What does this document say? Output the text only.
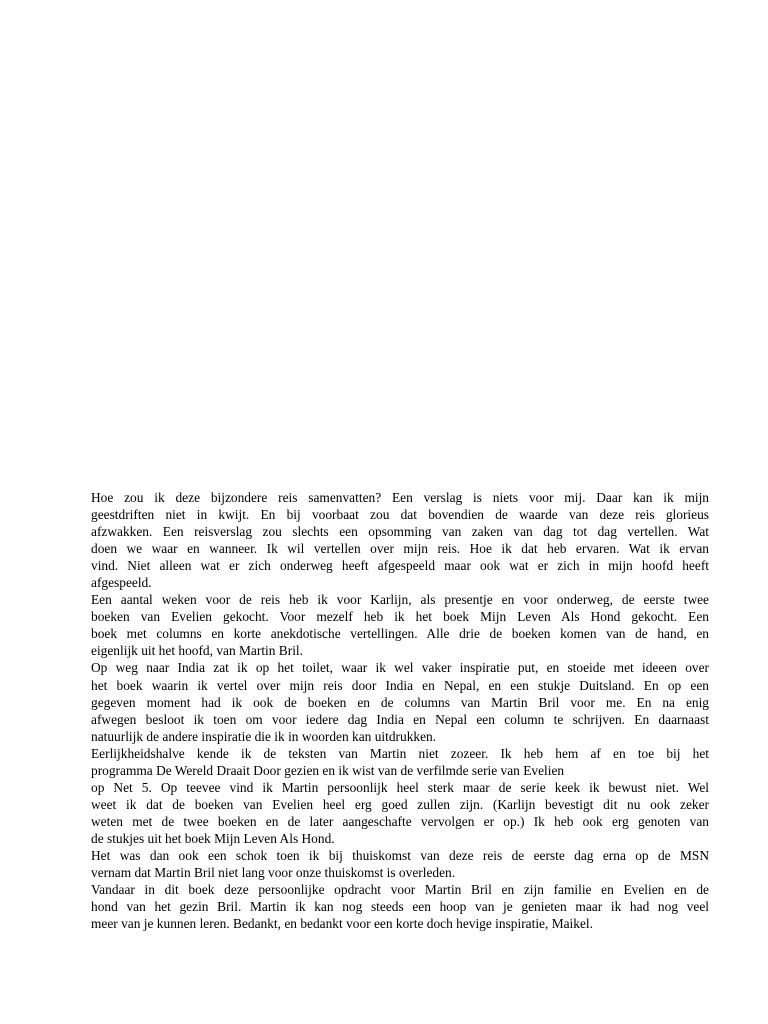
Hoe zou ik deze bijzondere reis samenvatten? Een verslag is niets voor mij. Daar kan ik mijn
geestdriften niet in kwijt. En bij voorbaat zou dat bovendien de waarde van deze reis glorieus
afzwakken. Een reisverslag zou slechts een opsomming van zaken van dag tot dag vertellen. Wat
doen we waar en wanneer. Ik wil vertellen over mijn reis. Hoe ik dat heb ervaren. Wat ik ervan
vind. Niet alleen wat er zich onderweg heeft afgespeeld maar ook wat er zich in mijn hoofd heeft
afgespeeld.
Een aantal weken voor de reis heb ik voor Karlijn, als presentje en voor onderweg, de eerste twee
boeken van Evelien gekocht. Voor mezelf heb ik het boek Mijn Leven Als Hond gekocht. Een
boek met columns en korte anekdotische vertellingen. Alle drie de boeken komen van de hand, en
eigenlijk uit het hoofd, van Martin Bril.
Op weg naar India zat ik op het toilet, waar ik wel vaker inspiratie put, en stoeide met ideeen over
het boek waarin ik vertel over mijn reis door India en Nepal, en een stukje Duitsland. En op een
gegeven moment had ik ook de boeken en de columns van Martin Bril voor me. En na enig
afwegen besloot ik toen om voor iedere dag India en Nepal een column te schrijven. En daarnaast
natuurlijk de andere inspiratie die ik in woorden kan uitdrukken.
Eerlijkheidshalve kende ik de teksten van Martin niet zozeer. Ik heb hem af en toe bij het
programma De Wereld Draait Door gezien en ik wist van de verfilmde serie van Evelien
op Net 5. Op teevee vind ik Martin persoonlijk heel sterk maar de serie keek ik bewust niet. Wel
weet ik dat de boeken van Evelien heel erg goed zullen zijn. (Karlijn bevestigt dit nu ook zeker
weten met de twee boeken en de later aangeschafte vervolgen er op.) Ik heb ook erg genoten van
de stukjes uit het boek Mijn Leven Als Hond.
Het was dan ook een schok toen ik bij thuiskomst van deze reis de eerste dag erna op de MSN
vernam dat Martin Bril niet lang voor onze thuiskomst is overleden.
Vandaar in dit boek deze persoonlijke opdracht voor Martin Bril en zijn familie en Evelien en de
hond van het gezin Bril. Martin ik kan nog steeds een hoop van je genieten maar ik had nog veel
meer van je kunnen leren. Bedankt, en bedankt voor een korte doch hevige inspiratie, Maikel.
